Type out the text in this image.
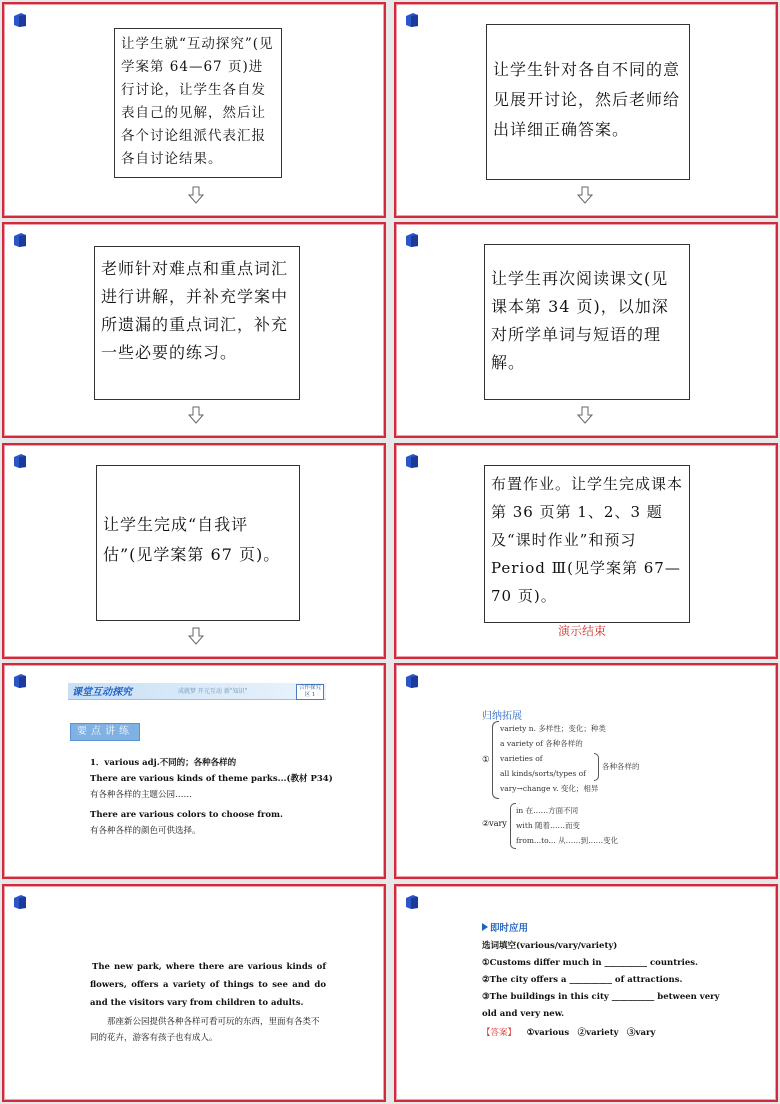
让学生就“互动探究”(见学案第 64—67 页)进行讨论，让学生各自发表自己的见解，然后让各个讨论组派代表汇报各自讨论结果。
让学生针对各自不同的意见展开讨论，然后老师给出详细正确答案。
老师针对难点和重点词汇进行讲解，并补充学案中所遗漏的重点词汇，补充一些必要的练习。
让学生再次阅读课文(见课本第 34 页)，以加深对所学单词与短语的理解。
让学生完成“自我评估”(见学案第 67 页)。
布置作业。让学生完成课本第 36 页第 1、2、3 题及“课时作业”和预习 Period Ⅲ(见学案第 67—70 页)。
演示结束
课堂互动探究	成就梦 开元互动 新"知识"	合作探究区 1
要点讲练
1．various adj.不同的；各种各样的
There are various kinds of theme parks...(教材 P34)
有各种各样的主题公园……
There are various colors to choose from.
有各种各样的颜色可供选择。
归纳拓展
①
variety n. 多样性；变化；种类
a variety of 各种各样的
varieties of
all kinds/sorts/types of
vary→change v. 变化；相异
各种各样的
②vary
in 在……方面不同
with 随着……而变
from...to... 从……到……变化
The new park, where there are various kinds of flowers, offers a variety of things to see and do and the visitors vary from children to adults.
那座新公园提供各种各样可看可玩的东西，里面有各类不同的花卉，游客有孩子也有成人。
即时应用
选词填空(various/vary/variety)
①Customs differ much in __________ countries.
②The city offers a __________ of attractions.
③The buildings in this city __________ between very old and very new.
【答案】 ①various　②variety　③vary
